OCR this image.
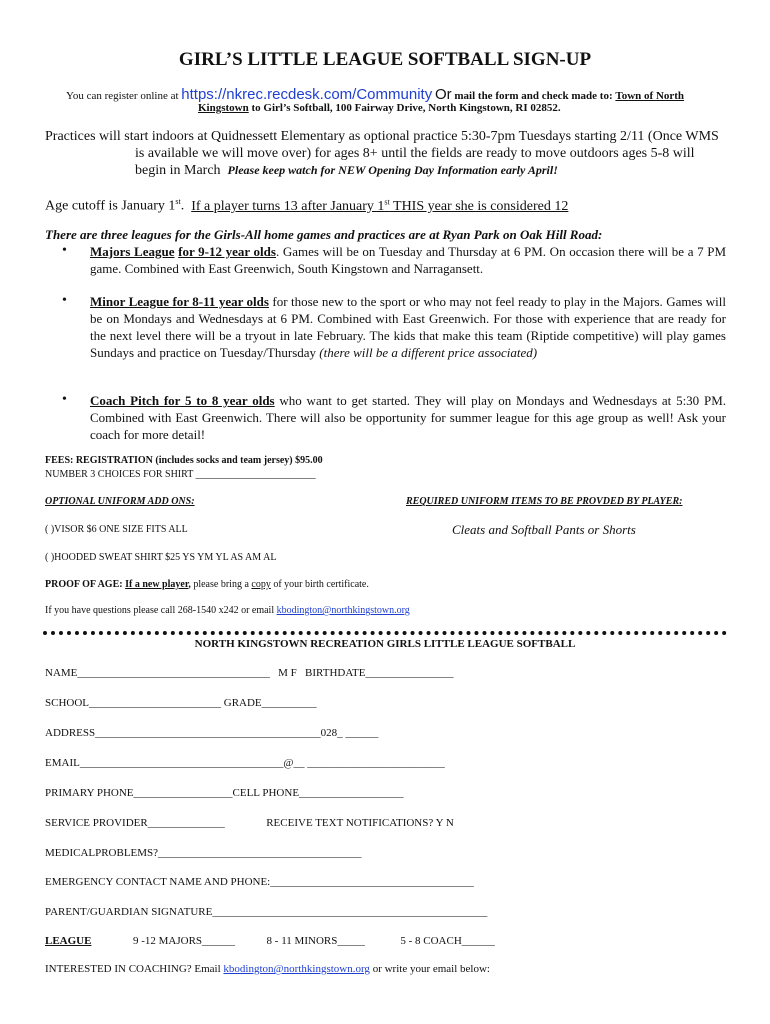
GIRL’S LITTLE LEAGUE SOFTBALL SIGN-UP
You can register online at https://nkrec.recdesk.com/Community Or mail the form and check made to: Town of North
Kingstown to Girl’s Softball, 100 Fairway Drive, North Kingstown, RI 02852.
Practices will start indoors at Quidnessett Elementary as optional practice 5:30-7pm Tuesdays starting 2/11 (Once WMS
is available we will move over) for ages 8+ until the fields are ready to move outdoors ages 5-8 will
begin in March Please keep watch for NEW Opening Day Information early April!
Age cutoff is January 1st. If a player turns 13 after January 1st THIS year she is considered 12
There are three leagues for the Girls-All home games and practices are at Ryan Park on Oak Hill Road:
• Majors League for 9-12 year olds. Games will be on Tuesday and Thursday at 6 PM. On occasion there will be a 7 PM game. Combined with East Greenwich, South Kingstown and Narragansett.
• Minor League for 8-11 year olds for those new to the sport or who may not feel ready to play in the Majors. Games will be on Mondays and Wednesdays at 6 PM. Combined with East Greenwich. For those with experience that are ready for the next level there will be a tryout in late February. The kids that make this team (Riptide competitive) will play games Sundays and practice on Tuesday/Thursday (there will be a different price associated)
• Coach Pitch for 5 to 8 year olds who want to get started. They will play on Mondays and Wednesdays at 5:30 PM. Combined with East Greenwich. There will also be opportunity for summer league for this age group as well! Ask your coach for more detail!
FEES: REGISTRATION (includes socks and team jersey) $95.00
NUMBER 3 CHOICES FOR SHIRT ________________________
OPTIONAL UNIFORM ADD ONS:	REQUIRED UNIFORM ITEMS TO BE PROVDED BY PLAYER:
( )VISOR $6 ONE SIZE FITS ALL	Cleats and Softball Pants or Shorts
( )HOODED SWEAT SHIRT $25 YS YM YL AS AM AL
PROOF OF AGE: If a new player, please bring a copy of your birth certificate.
If you have questions please call 268-1540 x242 or email kbodington@northkingstown.org
NORTH KINGSTOWN RECREATION GIRLS LITTLE LEAGUE SOFTBALL
NAME___________________________________ M F BIRTHDATE________________
SCHOOL________________________ GRADE__________
ADDRESS_________________________________________028_ ______
EMAIL_____________________________________@__ _________________________
PRIMARY PHONE__________________CELL PHONE___________________
SERVICE PROVIDER______________	RECEIVE TEXT NOTIFICATIONS? Y N
MEDICALPROBLEMS?_____________________________________
EMERGENCY CONTACT NAME AND PHONE:_____________________________________
PARENT/GUARDIAN SIGNATURE__________________________________________________
LEAGUE	9 -12 MAJORS______	8 - 11 MINORS_____	5 - 8 COACH______
INTERESTED IN COACHING? Email kbodington@northkingstown.org or write your email below:
